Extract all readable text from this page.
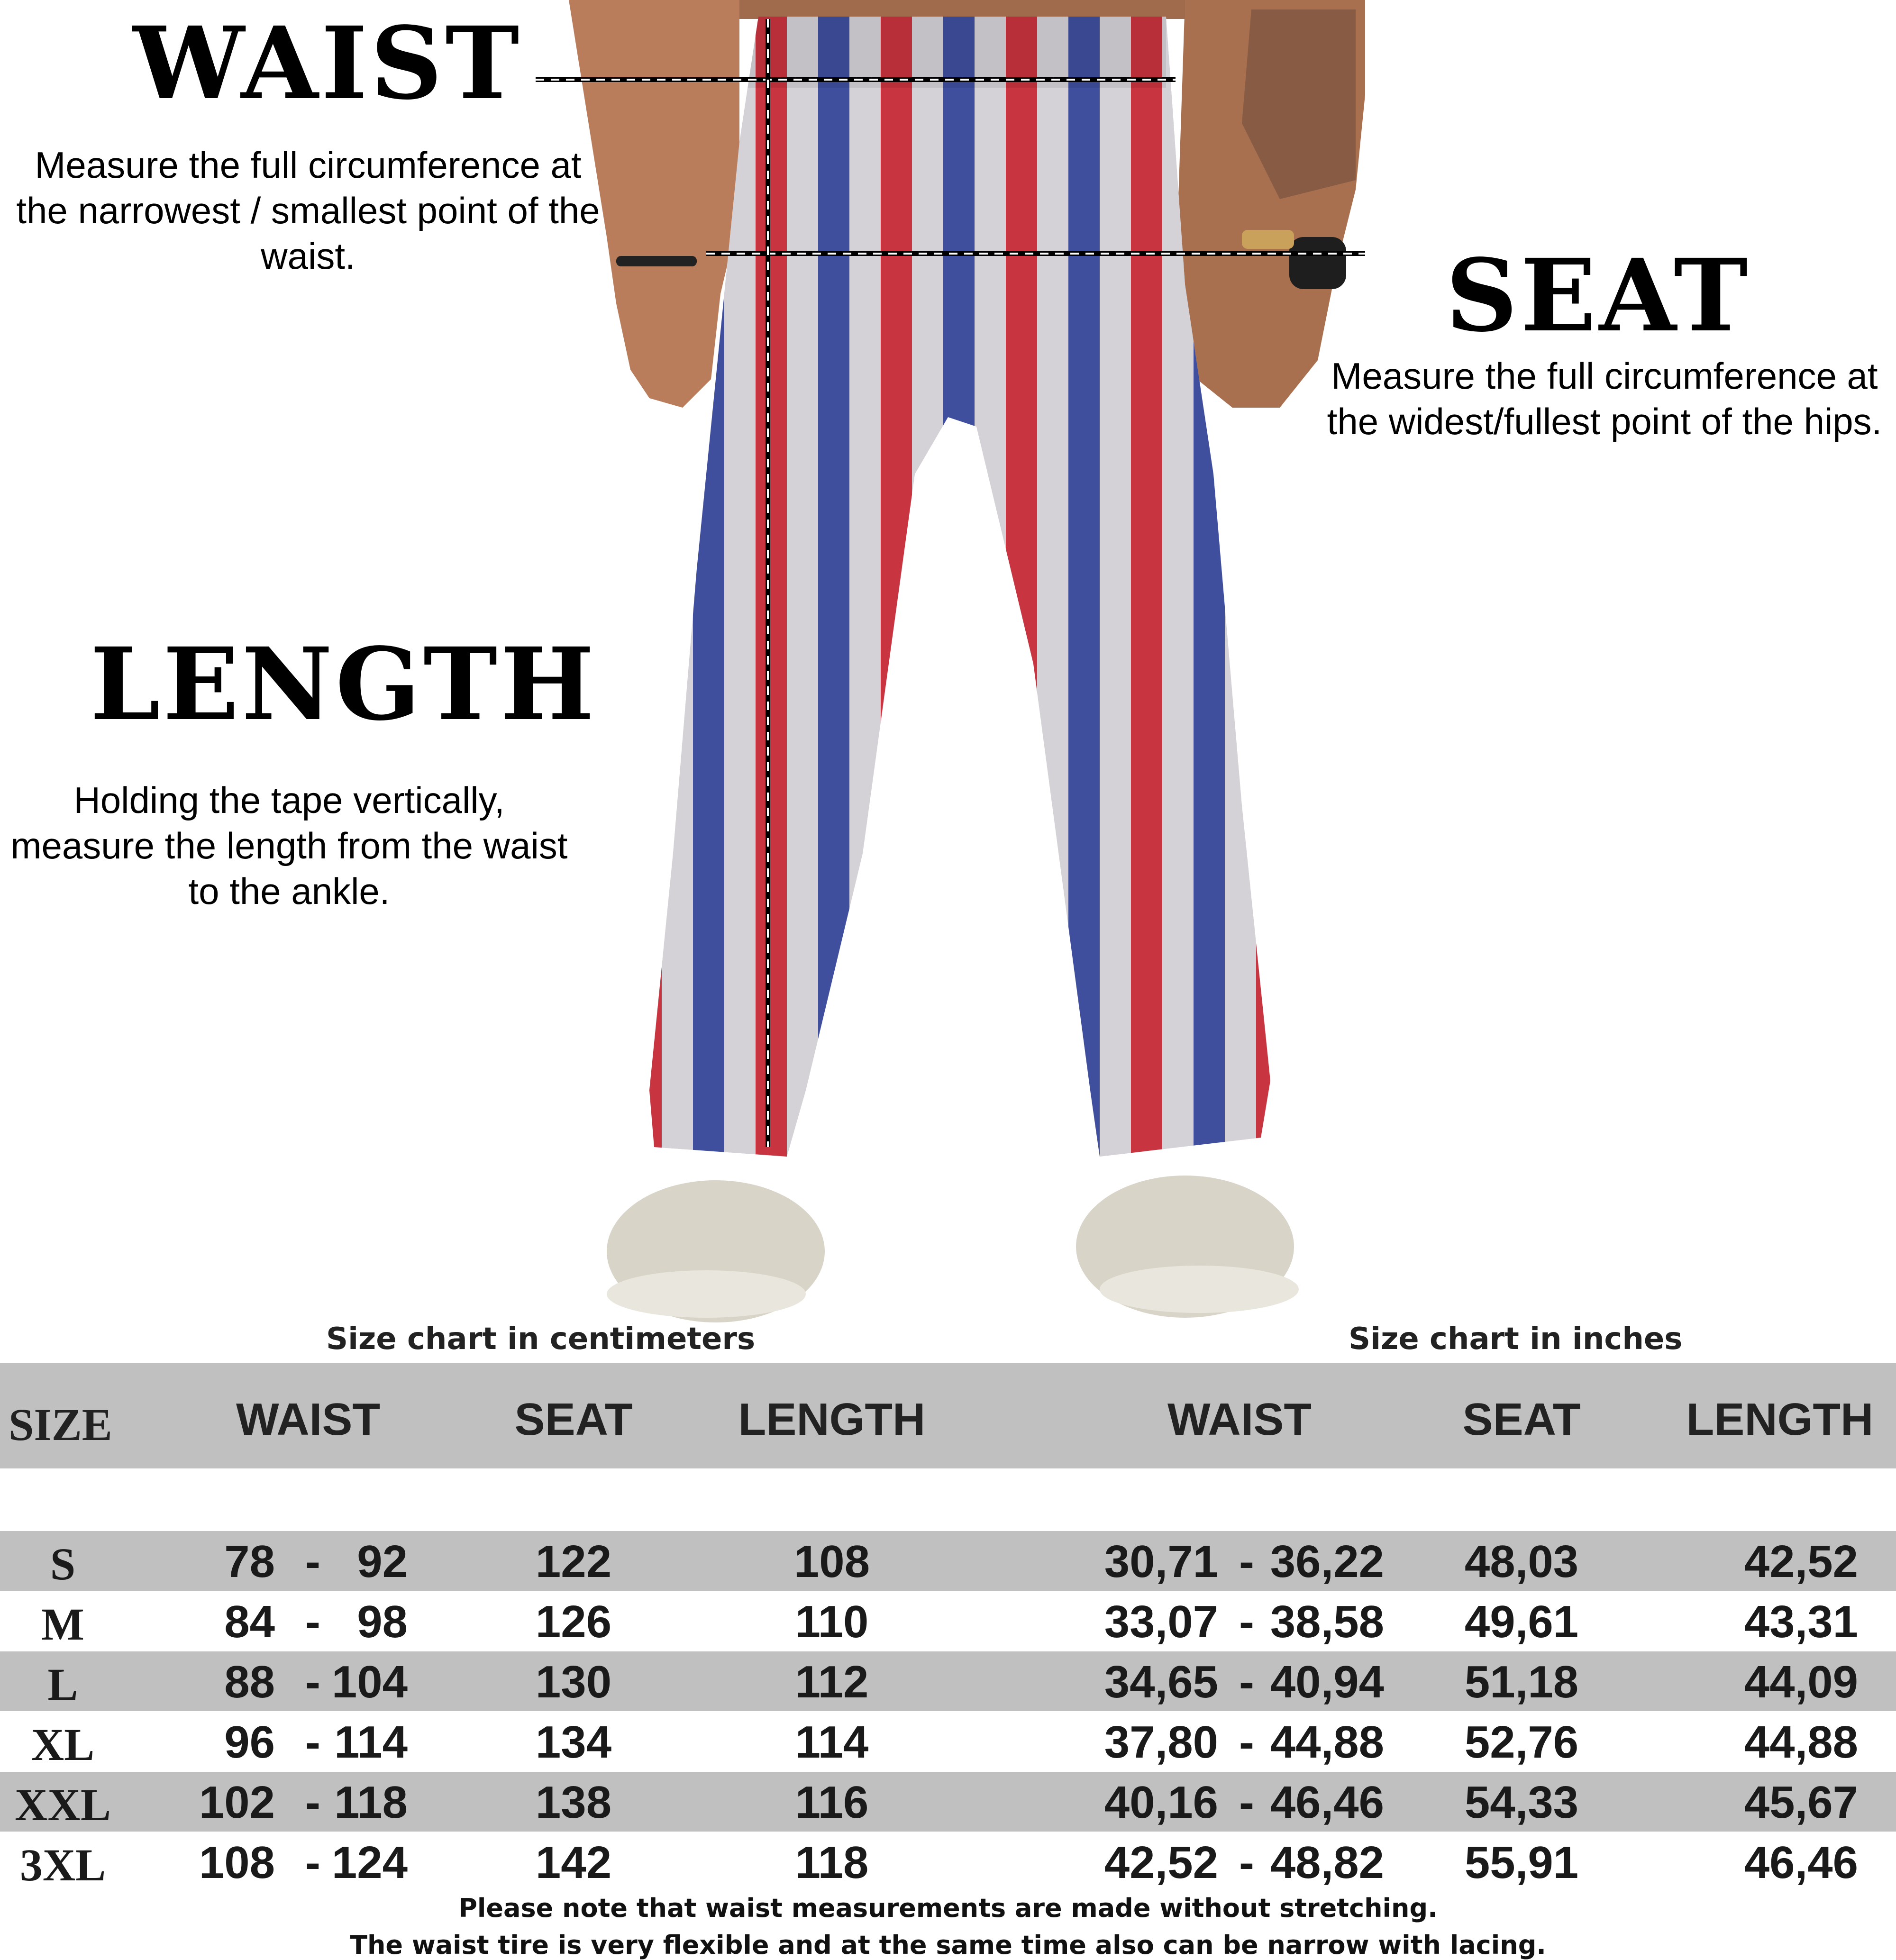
WAIST
Measure the full circumference at the narrowest / smallest point of the waist.	SEAT
Measure the full circumference at the widest/fullest point of the hips.
LENGTH
Holding the tape vertically, measure the length from the waist to the ankle.
Size chart in centimeters	Size chart in inches
SIZE	WAIST	SEAT	LENGTH	WAIST	SEAT	LENGTH
S	78 - 92	122	108	30,71 - 36,22	48,03	42,52
M	84 - 98	126	110	33,07 - 38,58	49,61	43,31
L	88 - 104	130	112	34,65 - 40,94	51,18	44,09
XL	96 - 114	134	114	37,80 - 44,88	52,76	44,88
XXL	102 - 118	138	116	40,16 - 46,46	54,33	45,67
3XL	108 - 124	142	118	42,52 - 48,82	55,91	46,46
Please note that waist measurements are made without stretching.
The waist tire is very flexible and at the same time also can be narrow with lacing.
